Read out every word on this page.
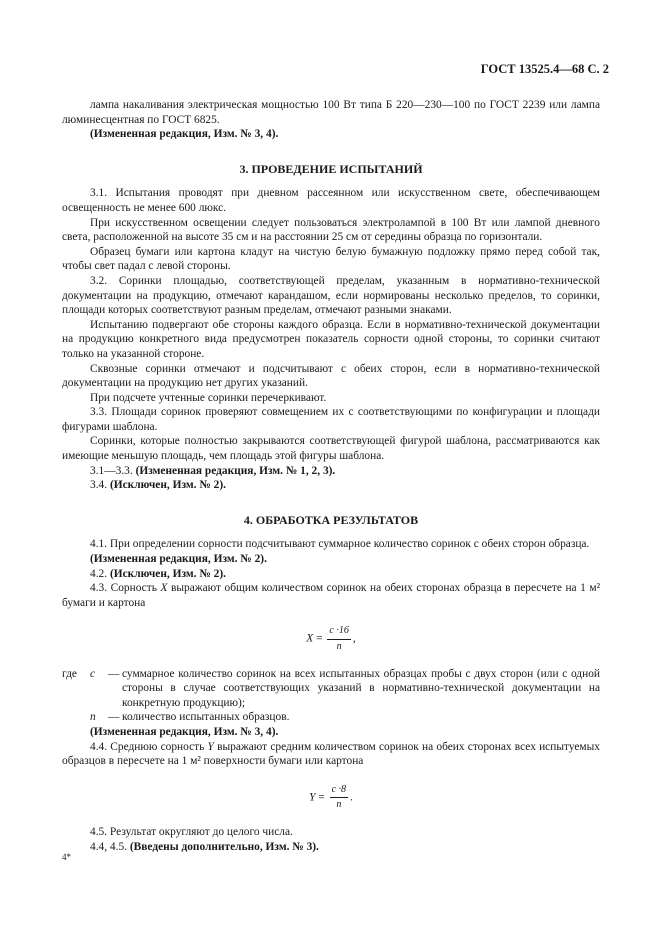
ГОСТ 13525.4—68 С. 2

лампа накаливания электрическая мощностью 100 Вт типа Б 220—230—100 по ГОСТ 2239 или лампа люминесцентная по ГОСТ 6825.

(Измененная редакция, Изм. № 3, 4).

3. ПРОВЕДЕНИЕ ИСПЫТАНИЙ

3.1. Испытания проводят при дневном рассеянном или искусственном свете, обеспечивающем освещенность не менее 600 люкс.

При искусственном освещении следует пользоваться электролампой в 100 Вт или лампой дневного света, расположенной на высоте 35 см и на расстоянии 25 см от середины образца по горизонтали.

Образец бумаги или картона кладут на чистую белую бумажную подложку прямо перед собой так, чтобы свет падал с левой стороны.

3.2. Соринки площадью, соответствующей пределам, указанным в нормативно-технической документации на продукцию, отмечают карандашом, если нормированы несколько пределов, то соринки, площади которых соответствуют разным пределам, отмечают разными знаками.

Испытанию подвергают обе стороны каждого образца. Если в нормативно-технической документации на продукцию конкретного вида предусмотрен показатель сорности одной стороны, то соринки считают только на указанной стороне.

Сквозные соринки отмечают и подсчитывают с обеих сторон, если в нормативно-технической документации на продукцию нет других указаний.

При подсчете учтенные соринки перечеркивают.

3.3. Площади соринок проверяют совмещением их с соответствующими по конфигурации и площади фигурами шаблона.

Соринки, которые полностью закрываются соответствующей фигурой шаблона, рассматриваются как имеющие меньшую площадь, чем площадь этой фигуры шаблона.

3.1—3.3. (Измененная редакция, Изм. № 1, 2, 3).

3.4. (Исключен, Изм. № 2).

4. ОБРАБОТКА РЕЗУЛЬТАТОВ

4.1. При определении сорности подсчитывают суммарное количество соринок с обеих сторон образца.

(Измененная редакция, Изм. № 2).

4.2. (Исключен, Изм. № 2).

4.3. Сорность X выражают общим количеством соринок на обеих сторонах образца в пересчете на 1 м² бумаги и картона

$X = \frac{c \cdot 16}{n}$ ,
где	c	— суммарное количество соринок на всех испытанных образцах пробы с двух сторон (или с одной стороны в случае соответствующих указаний в нормативно-технической документации на конкретную продукцию);
n	— количество испытанных образцов.

(Измененная редакция, Изм. № 3, 4).

4.4. Среднюю сорность Y выражают средним количеством соринок на обеих сторонах всех испытуемых образцов в пересчете на 1 м² поверхности бумаги или картона

$Y = \frac{c \cdot 8}{n}$ .

4.5. Результат округляют до целого числа.

4.4, 4.5. (Введены дополнительно, Изм. № 3).

4*
